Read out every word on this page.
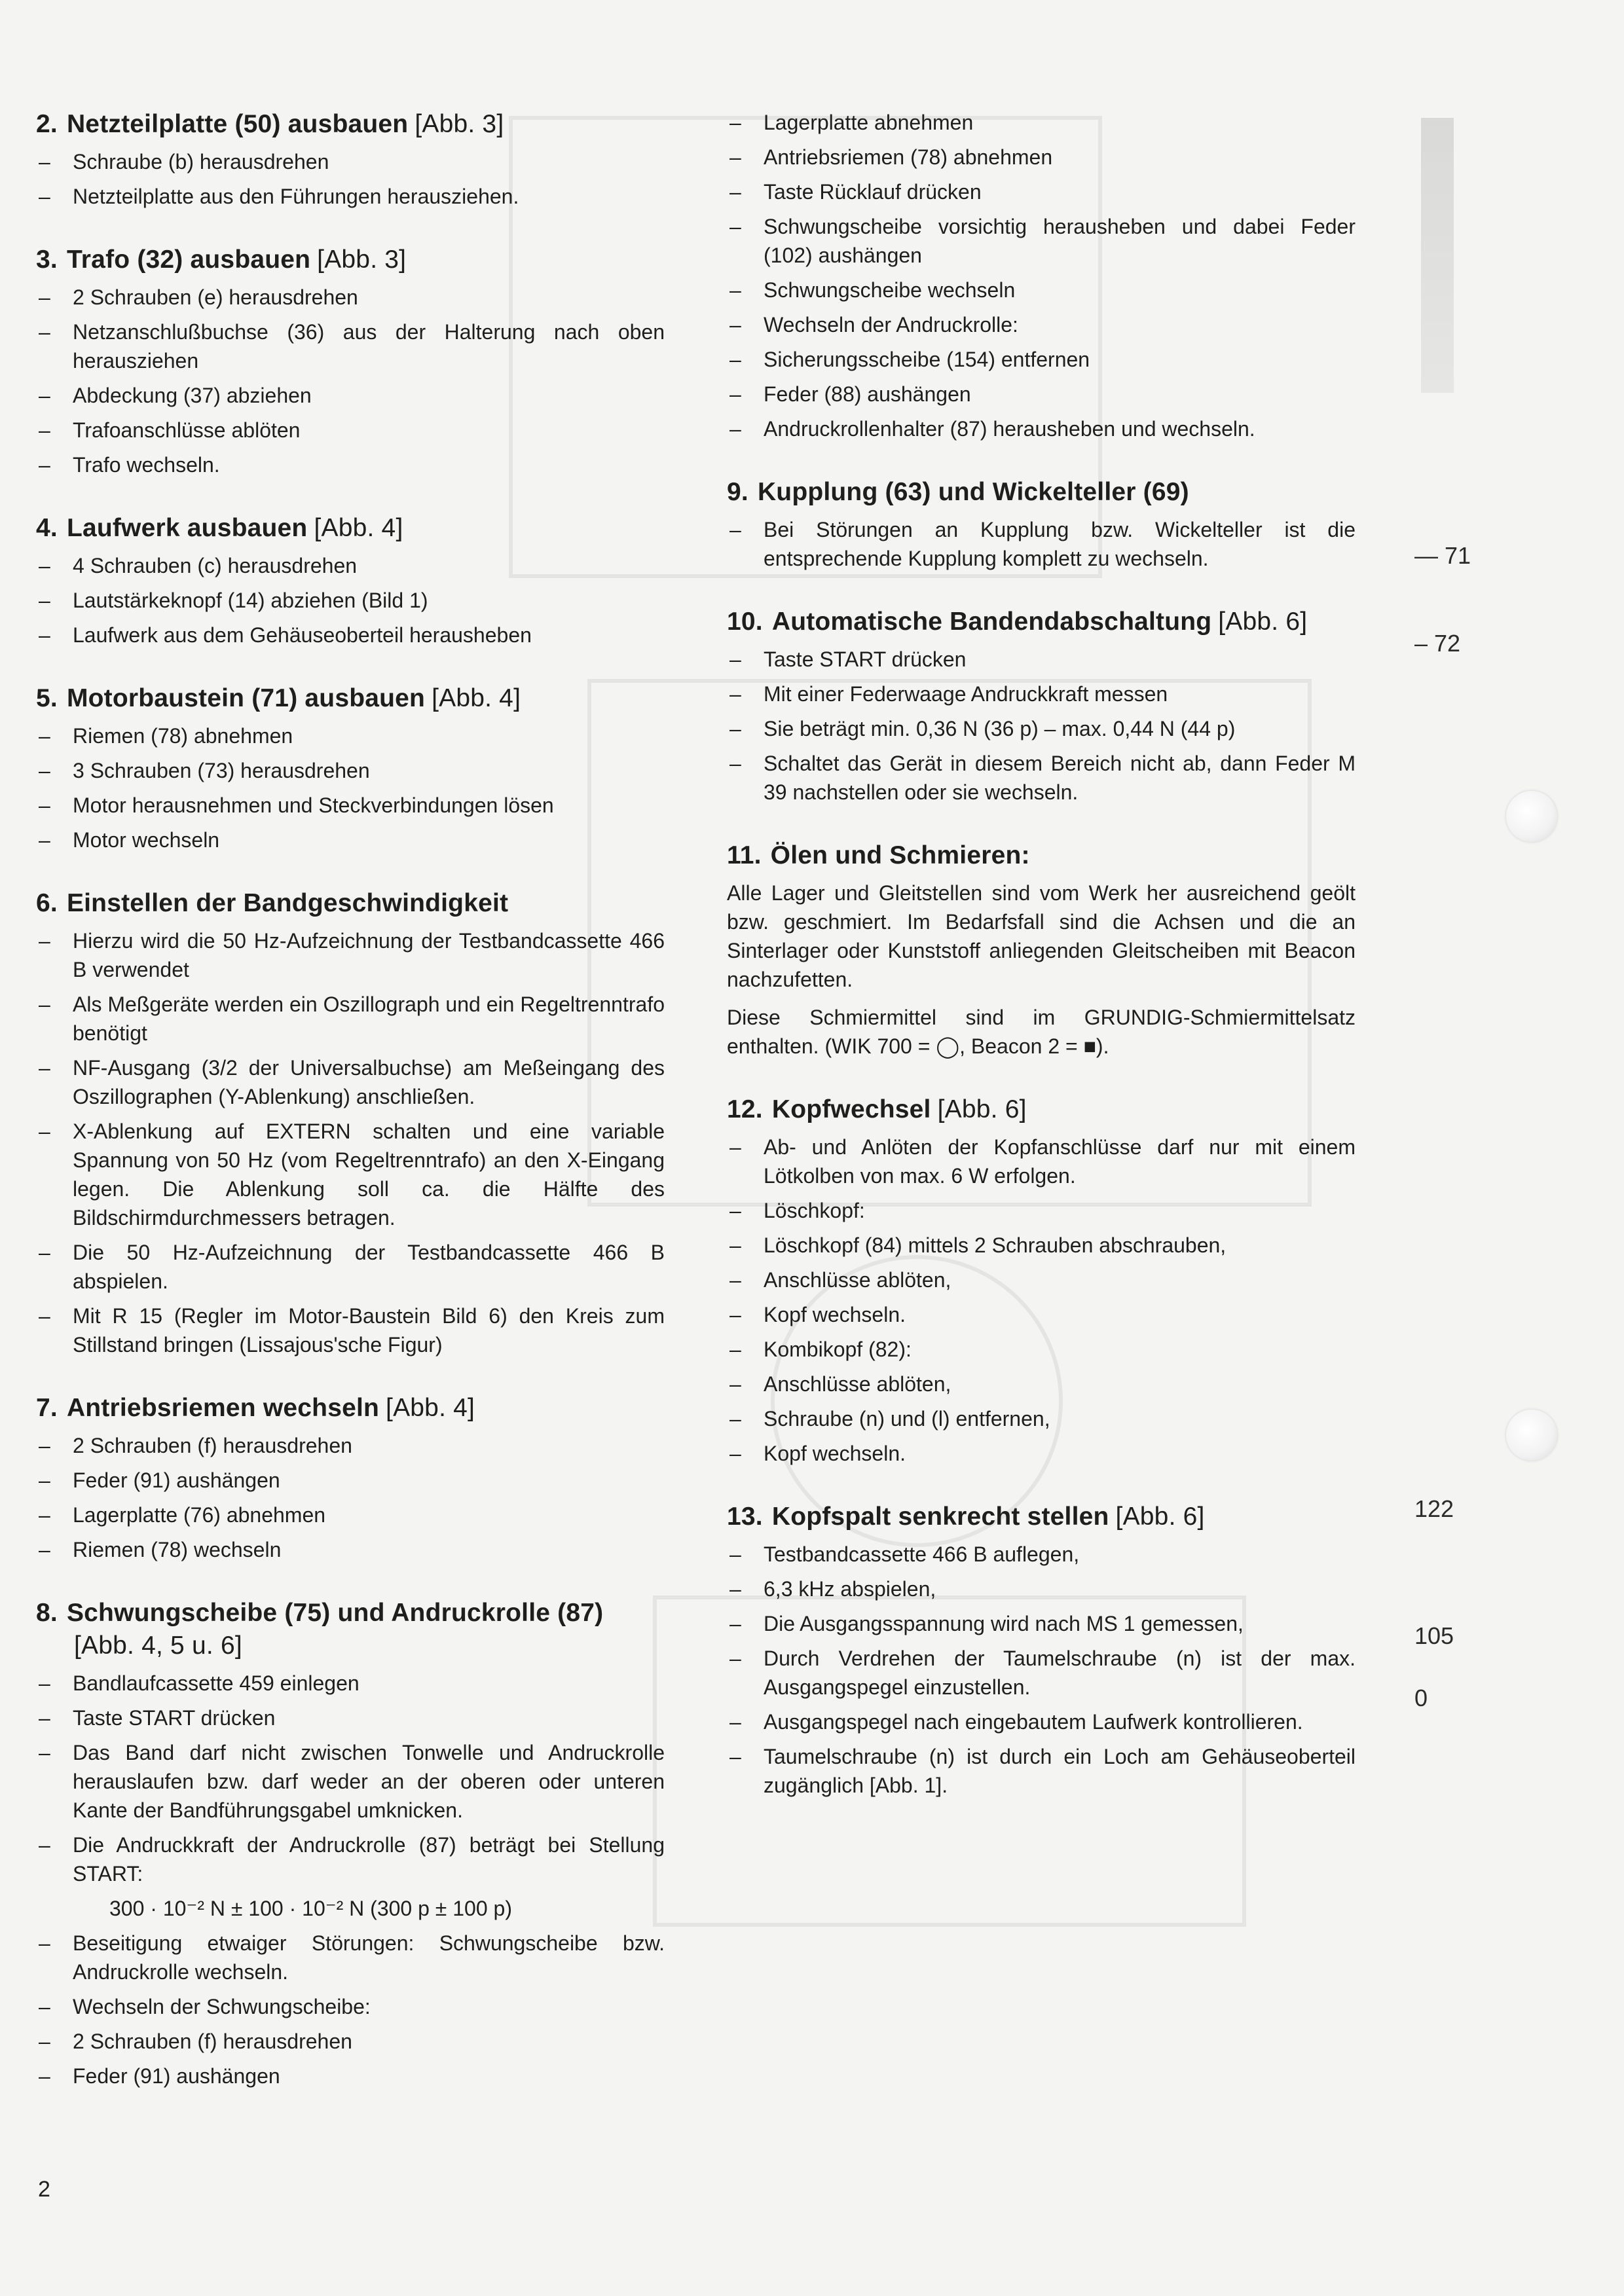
2. Netzteilplatte (50) ausbauen [Abb. 3]
– Schraube (b) herausdrehen
– Netzteilplatte aus den Führungen herausziehen.
3. Trafo (32) ausbauen [Abb. 3]
– 2 Schrauben (e) herausdrehen
– Netzanschlußbuchse (36) aus der Halterung nach oben herausziehen
– Abdeckung (37) abziehen
– Trafoanschlüsse ablöten
– Trafo wechseln.
4. Laufwerk ausbauen [Abb. 4]
– 4 Schrauben (c) herausdrehen
– Lautstärkeknopf (14) abziehen (Bild 1)
– Laufwerk aus dem Gehäuseoberteil herausheben
5. Motorbaustein (71) ausbauen [Abb. 4]
– Riemen (78) abnehmen
– 3 Schrauben (73) herausdrehen
– Motor herausnehmen und Steckverbindungen lösen
– Motor wechseln
6. Einstellen der Bandgeschwindigkeit
– Hierzu wird die 50 Hz-Aufzeichnung der Testbandcassette 466 B verwendet
– Als Meßgeräte werden ein Oszillograph und ein Regeltrenntrafo benötigt
– NF-Ausgang (3/2 der Universalbuchse) am Meßeingang des Oszillographen (Y-Ablenkung) anschließen.
– X-Ablenkung auf EXTERN schalten und eine variable Spannung von 50 Hz (vom Regeltrenntrafo) an den X-Eingang legen. Die Ablenkung soll ca. die Hälfte des Bildschirmdurchmessers betragen.
– Die 50 Hz-Aufzeichnung der Testbandcassette 466 B abspielen.
– Mit R 15 (Regler im Motor-Baustein Bild 6) den Kreis zum Stillstand bringen (Lissajous'sche Figur)
7. Antriebsriemen wechseln [Abb. 4]
– 2 Schrauben (f) herausdrehen
– Feder (91) aushängen
– Lagerplatte (76) abnehmen
– Riemen (78) wechseln
8. Schwungscheibe (75) und Andruckrolle (87)
[Abb. 4, 5 u. 6]
– Bandlaufcassette 459 einlegen
– Taste START drücken
– Das Band darf nicht zwischen Tonwelle und Andruckrolle herauslaufen bzw. darf weder an der oberen oder unteren Kante der Bandführungsgabel umknicken.
– Die Andruckkraft der Andruckrolle (87) beträgt bei Stellung START:
300 · 10⁻² N ± 100 · 10⁻² N (300 p ± 100 p)
– Beseitigung etwaiger Störungen: Schwungscheibe bzw. Andruckrolle wechseln.
– Wechseln der Schwungscheibe:
– 2 Schrauben (f) herausdrehen
– Feder (91) aushängen
– Lagerplatte abnehmen
– Antriebsriemen (78) abnehmen
– Taste Rücklauf drücken
– Schwungscheibe vorsichtig herausheben und dabei Feder (102) aushängen
– Schwungscheibe wechseln
– Wechseln der Andruckrolle:
– Sicherungsscheibe (154) entfernen
– Feder (88) aushängen
– Andruckrollenhalter (87) herausheben und wechseln.
9. Kupplung (63) und Wickelteller (69)
– Bei Störungen an Kupplung bzw. Wickelteller ist die entsprechende Kupplung komplett zu wechseln.
10. Automatische Bandendabschaltung [Abb. 6]
– Taste START drücken
– Mit einer Federwaage Andruckkraft messen
– Sie beträgt min. 0,36 N (36 p) – max. 0,44 N (44 p)
– Schaltet das Gerät in diesem Bereich nicht ab, dann Feder M 39 nachstellen oder sie wechseln.
11. Ölen und Schmieren:

Alle Lager und Gleitstellen sind vom Werk her ausreichend geölt bzw. geschmiert. Im Bedarfsfall sind die Achsen und die an Sinterlager oder Kunststoff anliegenden Gleitscheiben mit Beacon nachzufetten.

Diese Schmiermittel sind im GRUNDIG-Schmiermittelsatz enthalten. (WIK 700 = ◯, Beacon 2 = ■).

12. Kopfwechsel [Abb. 6]
– Ab- und Anlöten der Kopfanschlüsse darf nur mit einem Lötkolben von max. 6 W erfolgen.
– Löschkopf:
– Löschkopf (84) mittels 2 Schrauben abschrauben,
– Anschlüsse ablöten,
– Kopf wechseln.
– Kombikopf (82):
– Anschlüsse ablöten,
– Schraube (n) und (l) entfernen,
– Kopf wechseln.
13. Kopfspalt senkrecht stellen [Abb. 6]
– Testbandcassette 466 B auflegen,
– 6,3 kHz abspielen,
– Die Ausgangsspannung wird nach MS 1 gemessen,
– Durch Verdrehen der Taumelschraube (n) ist der max. Ausgangspegel einzustellen.
– Ausgangspegel nach eingebautem Laufwerk kontrollieren.
– Taumelschraube (n) ist durch ein Loch am Gehäuseoberteil zugänglich [Abb. 1].
— 71
– 72
122
105
0
2
